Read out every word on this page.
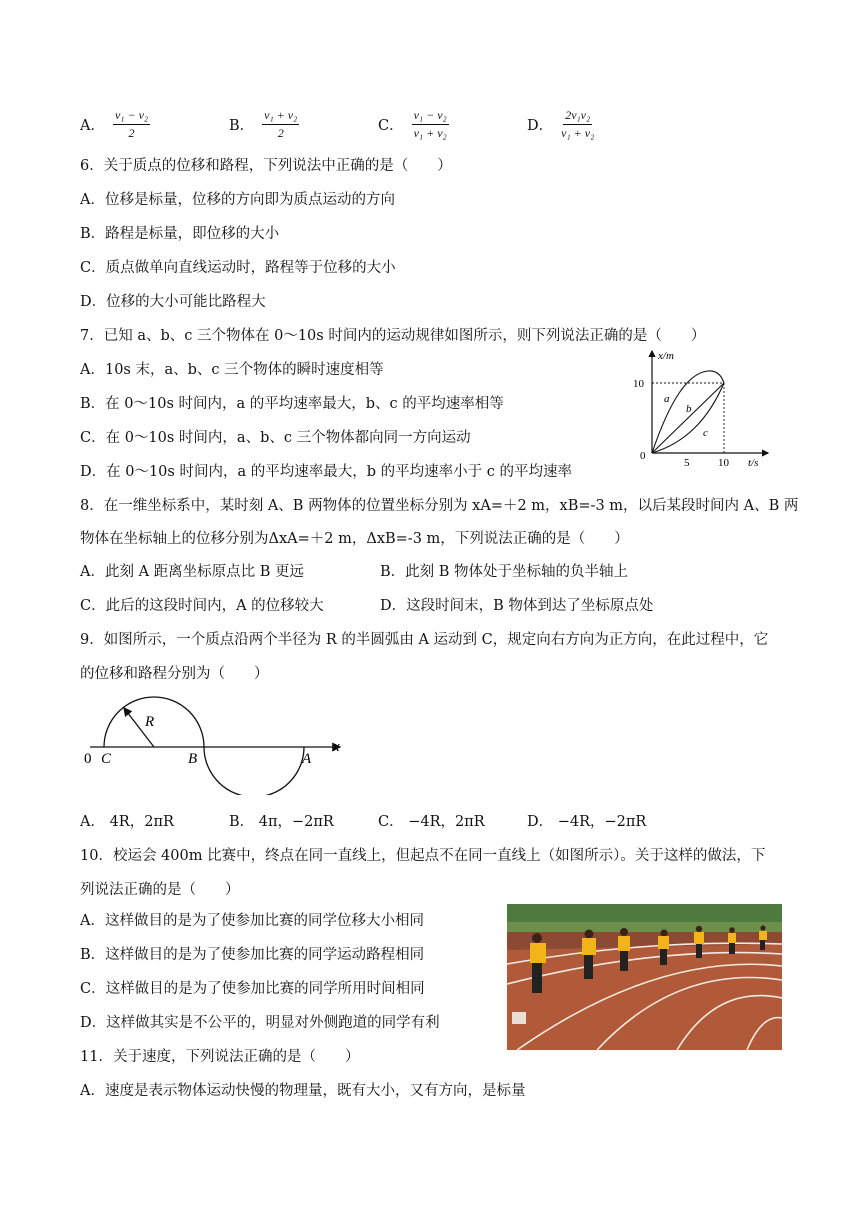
A． $\frac{\text{v₁ − v₂}}{2}$	B． $\frac{\text{v₁ + v₂}}{2}$	C． $\frac{\text{v₁ − v₂}}{\text{v₁ + v₂}}$	D． $\frac{\text{2v₁v₂}}{\text{v₁ + v₂}}$
6．关于质点的位移和路程，下列说法中正确的是（　　）
A．位移是标量，位移的方向即为质点运动的方向
B．路程是标量，即位移的大小
C．质点做单向直线运动时，路程等于位移的大小
D．位移的大小可能比路程大
7．已知 a、b、c 三个物体在 0～10s 时间内的运动规律如图所示，则下列说法正确的是（　　）
A．10s 末，a、b、c 三个物体的瞬时速度相等
B．在 0～10s 时间内，a 的平均速率最大，b、c 的平均速率相等
C．在 0～10s 时间内，a、b、c 三个物体都向同一方向运动
D．在 0～10s 时间内，a 的平均速率最大，b 的平均速率小于 c 的平均速率
x/m
t/s
10
5	10
0
a
b
c
8．在一维坐标系中，某时刻 A、B 两物体的位置坐标分别为 xA=＋2 m，xB=-3 m，以后某段时间内 A、B 两
物体在坐标轴上的位移分别为ΔxA=＋2 m，ΔxB=-3 m，下列说法正确的是（　　）
A．此刻 A 距离坐标原点比 B 更远	B．此刻 B 物体处于坐标轴的负半轴上
C．此后的这段时间内，A 的位移较大	D．这段时间末，B 物体到达了坐标原点处
9．如图所示，一个质点沿两个半径为 R 的半圆弧由 A 运动到 C，规定向右方向为正方向，在此过程中，它
的位移和路程分别为（　　）
R
0 C	B	A
x
A． 4R，2πR	B． 4π，−2πR	C． −4R，2πR	D． −4R，−2πR
10．校运会 400m 比赛中，终点在同一直线上，但起点不在同一直线上（如图所示）。关于这样的做法，下
列说法正确的是（　　）
A．这样做目的是为了使参加比赛的同学位移大小相同
B．这样做目的是为了使参加比赛的同学运动路程相同
C．这样做目的是为了使参加比赛的同学所用时间相同
D．这样做其实是不公平的，明显对外侧跑道的同学有利
11．关于速度，下列说法正确的是（　　）
A．速度是表示物体运动快慢的物理量，既有大小，又有方向，是标量
